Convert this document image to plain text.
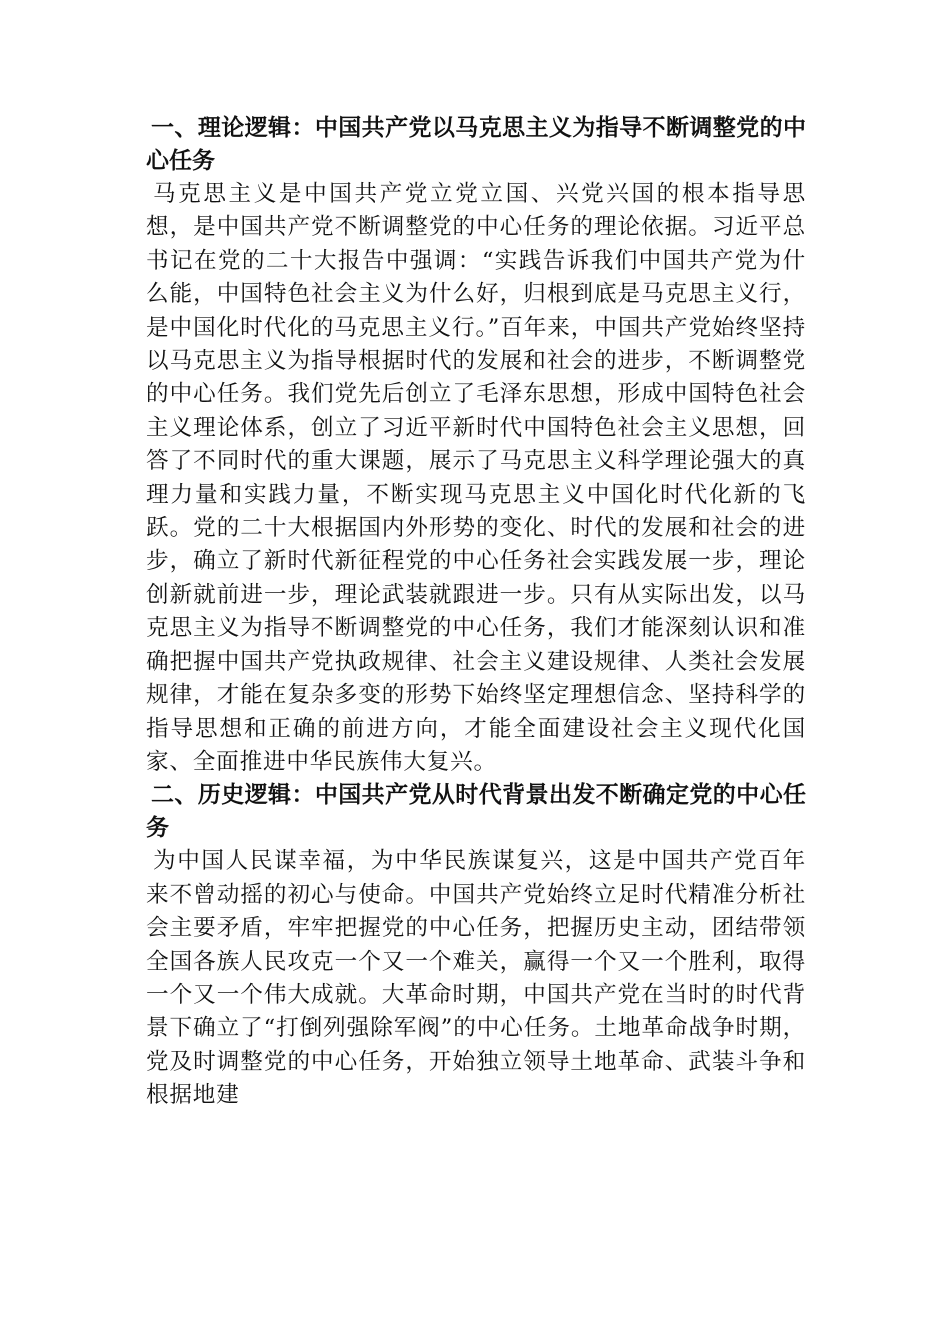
一、理论逻辑：中国共产党以马克思主义为指导不断调整党的中心任务

马克思主义是中国共产党立党立国、兴党兴国的根本指导思想，是中国共产党不断调整党的中心任务的理论依据。习近平总书记在党的二十大报告中强调：“实践告诉我们中国共产党为什么能，中国特色社会主义为什么好，归根到底是马克思主义行，是中国化时代化的马克思主义行。”百年来，中国共产党始终坚持以马克思主义为指导根据时代的发展和社会的进步，不断调整党的中心任务。我们党先后创立了毛泽东思想，形成中国特色社会主义理论体系，创立了习近平新时代中国特色社会主义思想，回答了不同时代的重大课题，展示了马克思主义科学理论强大的真理力量和实践力量，不断实现马克思主义中国化时代化新的飞跃。党的二十大根据国内外形势的变化、时代的发展和社会的进步，确立了新时代新征程党的中心任务社会实践发展一步，理论创新就前进一步，理论武装就跟进一步。只有从实际出发，以马克思主义为指导不断调整党的中心任务，我们才能深刻认识和准确把握中国共产党执政规律、社会主义建设规律、人类社会发展规律，才能在复杂多变的形势下始终坚定理想信念、坚持科学的指导思想和正确的前进方向，才能全面建设社会主义现代化国家、全面推进中华民族伟大复兴。

二、历史逻辑：中国共产党从时代背景出发不断确定党的中心任务

为中国人民谋幸福，为中华民族谋复兴，这是中国共产党百年来不曾动摇的初心与使命。中国共产党始终立足时代精准分析社会主要矛盾，牢牢把握党的中心任务，把握历史主动，团结带领全国各族人民攻克一个又一个难关，赢得一个又一个胜利，取得一个又一个伟大成就。大革命时期，中国共产党在当时的时代背景下确立了“打倒列强除军阀”的中心任务。土地革命战争时期，党及时调整党的中心任务，开始独立领导土地革命、武装斗争和根据地建
